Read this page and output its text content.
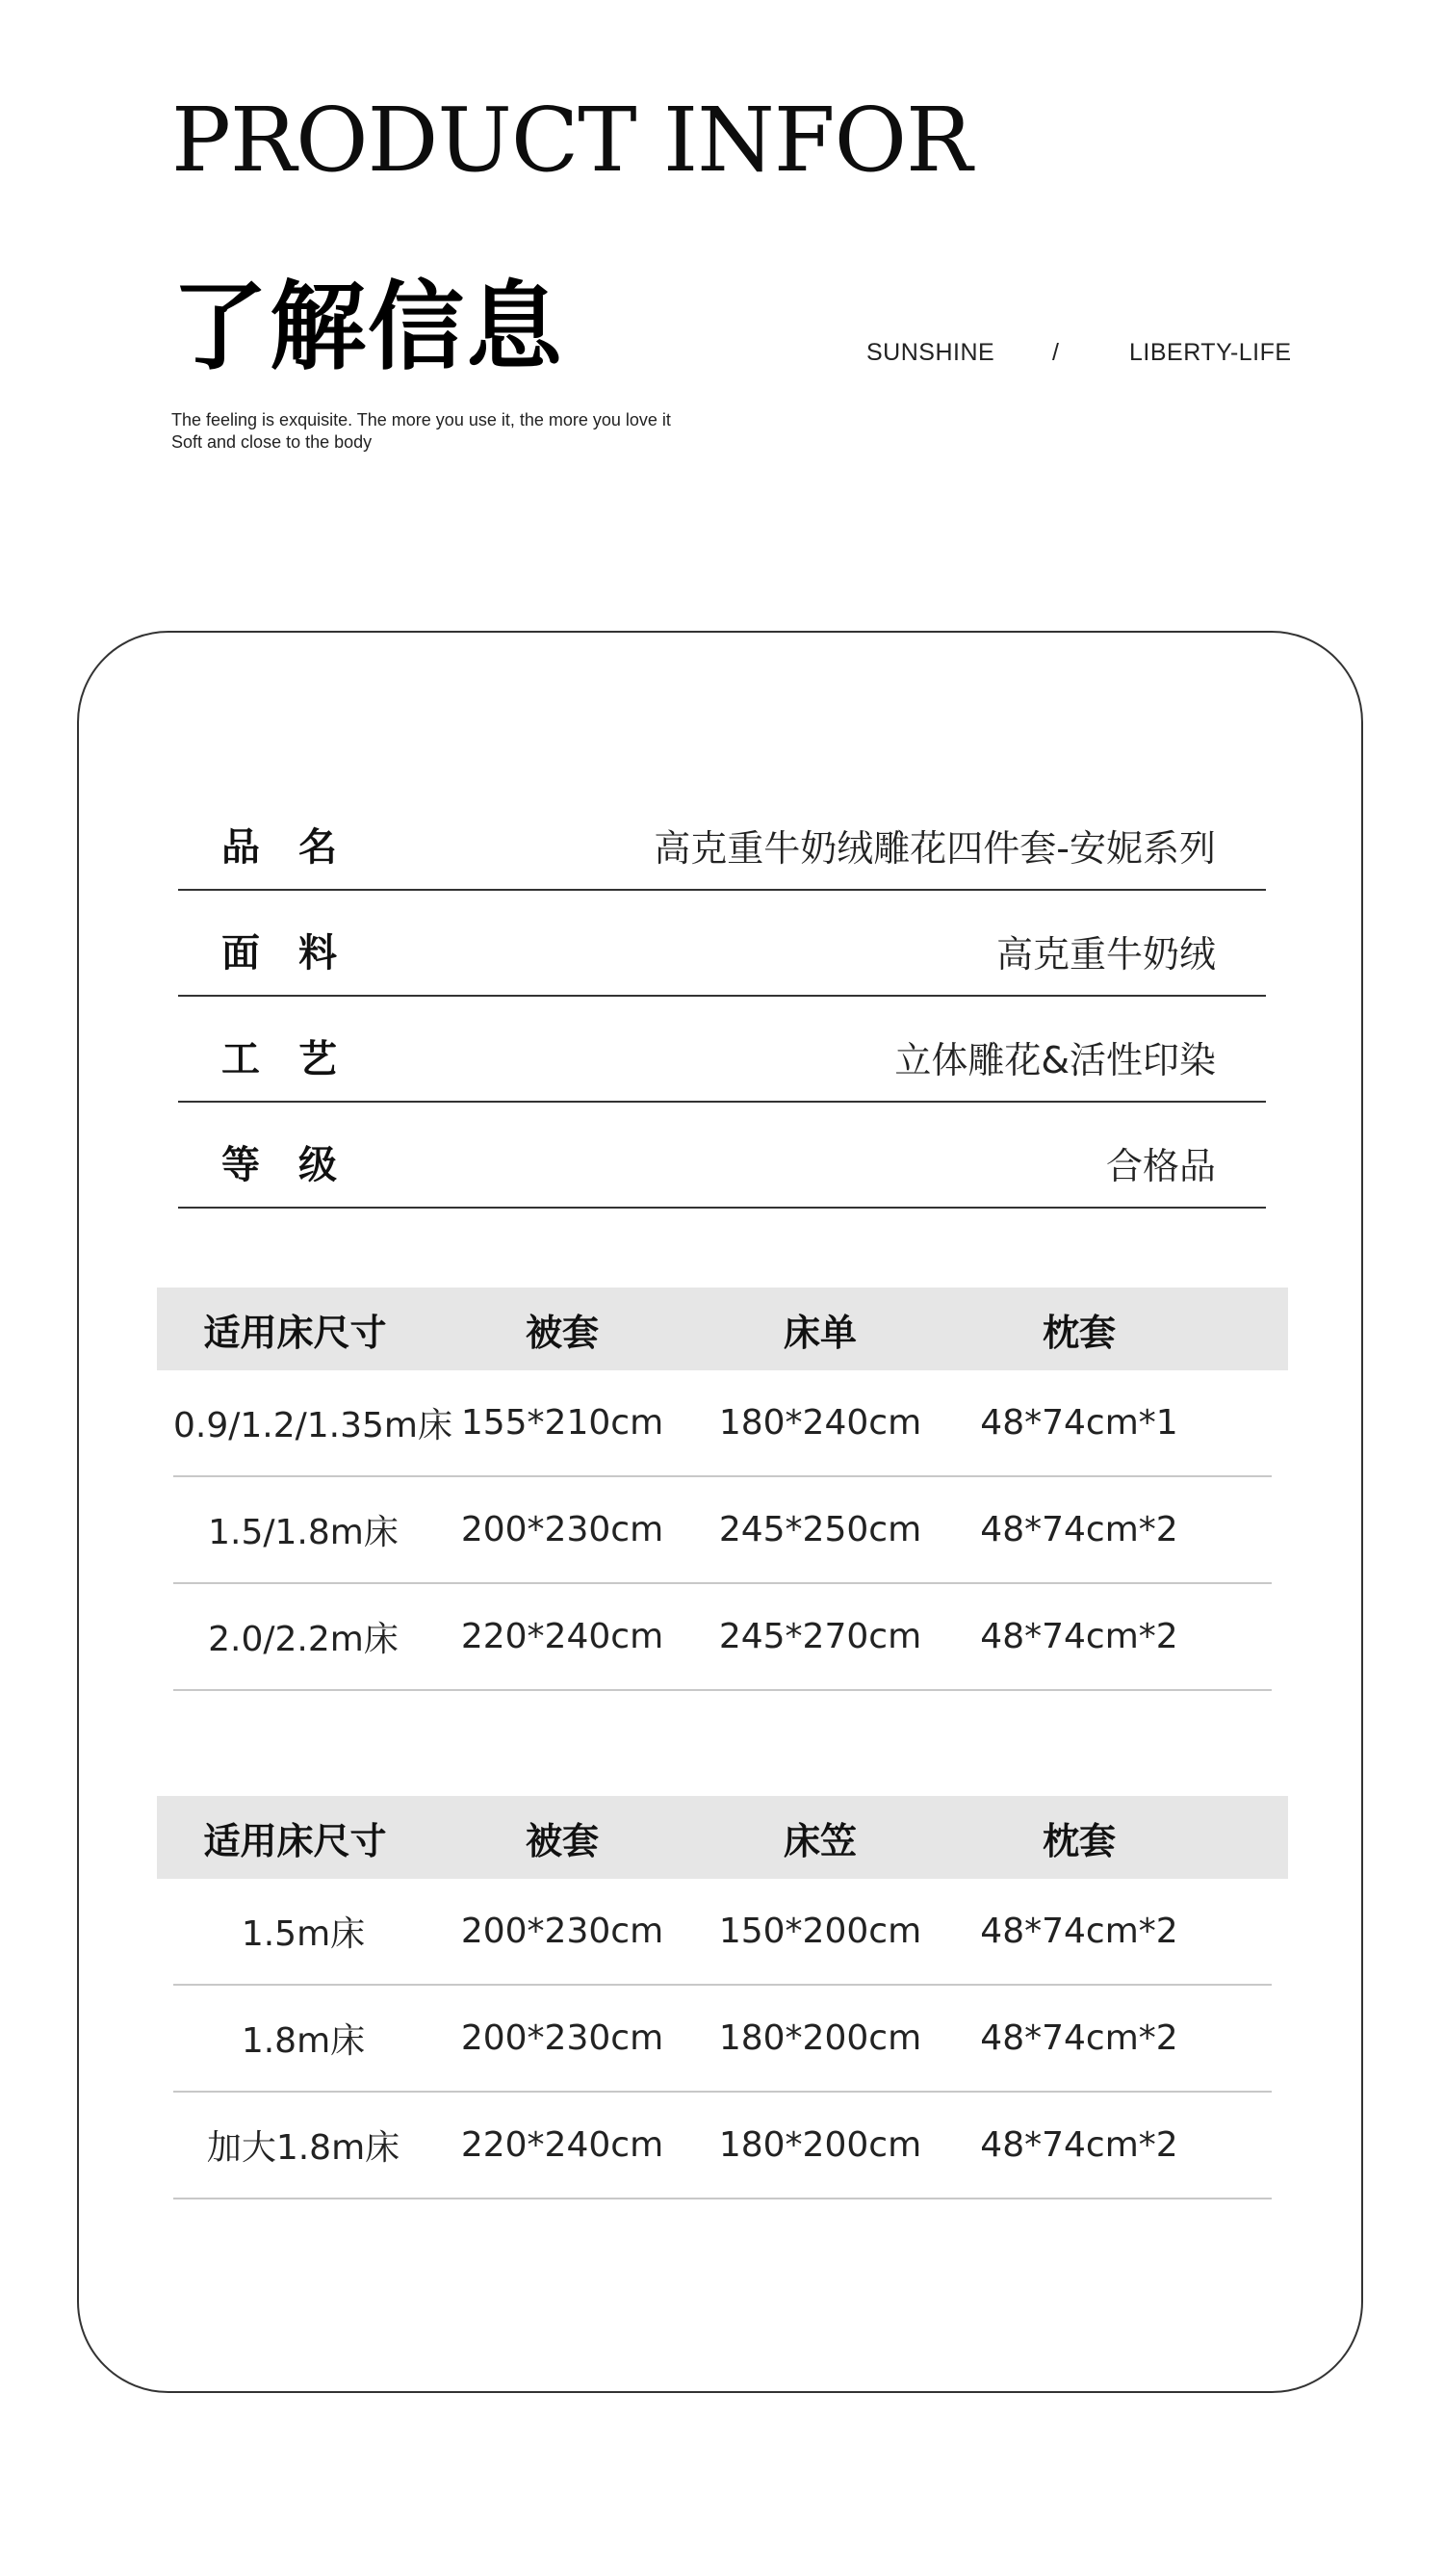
PRODUCT INFOR
了解信息	SUNSHINE /	LIBERTY-LIFE
The feeling is exquisite. The more you use it, the more you love it
Soft and close to the body
品名	高克重牛奶绒雕花四件套-安妮系列
面料	高克重牛奶绒
工艺	立体雕花&活性印染
等级	合格品
适用床尺寸	被套	床单	枕套
0.9/1.2/1.35m床 155*210cm	180*240cm	48*74cm*1
1.5/1.8m床	200*230cm	245*250cm	48*74cm*2
2.0/2.2m床	220*240cm	245*270cm	48*74cm*2
适用床尺寸	被套	床笠	枕套
1.5m床	200*230cm	150*200cm	48*74cm*2
1.8m床	200*230cm	180*200cm	48*74cm*2
加大1.8m床	220*240cm	180*200cm	48*74cm*2
